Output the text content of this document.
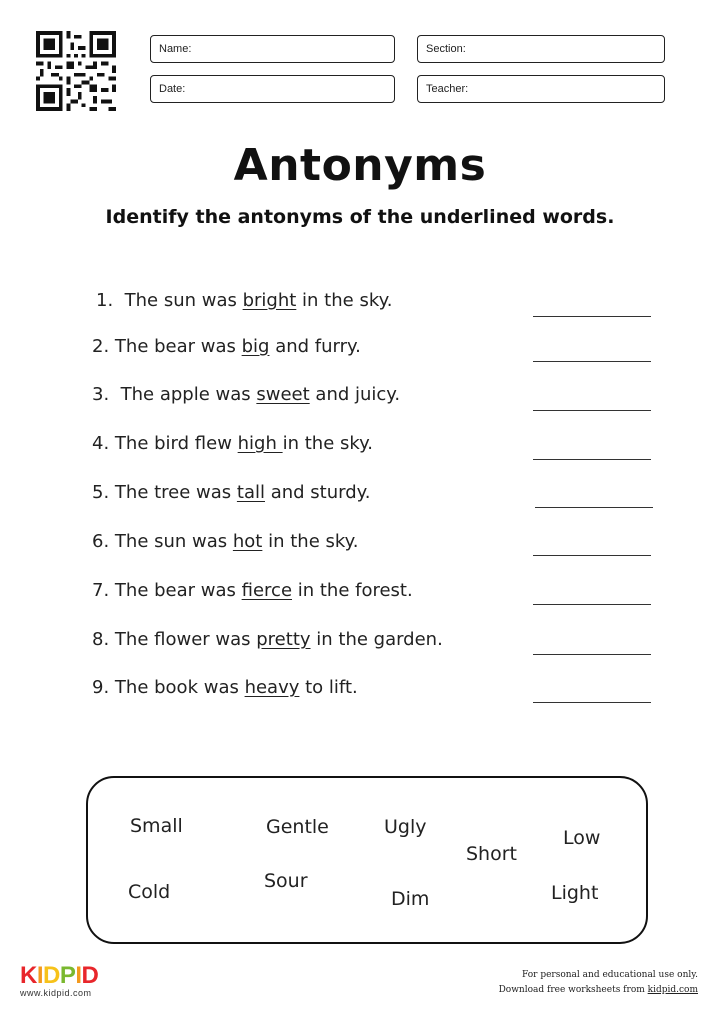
Name:	Section:
Date:	Teacher:
Antonyms
Identify the antonyms of the underlined words.
1. The sun was bright in the sky.
2. The bear was big and furry.
3. The apple was sweet and juicy.
4. The bird flew high in the sky.
5. The tree was tall and sturdy.
6. The sun was hot in the sky.
7. The bear was fierce in the forest.
8. The flower was pretty in the garden.
9. The book was heavy to lift.
Small	Gentle	Ugly	Low
Short
Cold	Sour
Dim	Light
KIDPID
www.kidpid.com
For personal and educational use only.
Download free worksheets from kidpid.com
